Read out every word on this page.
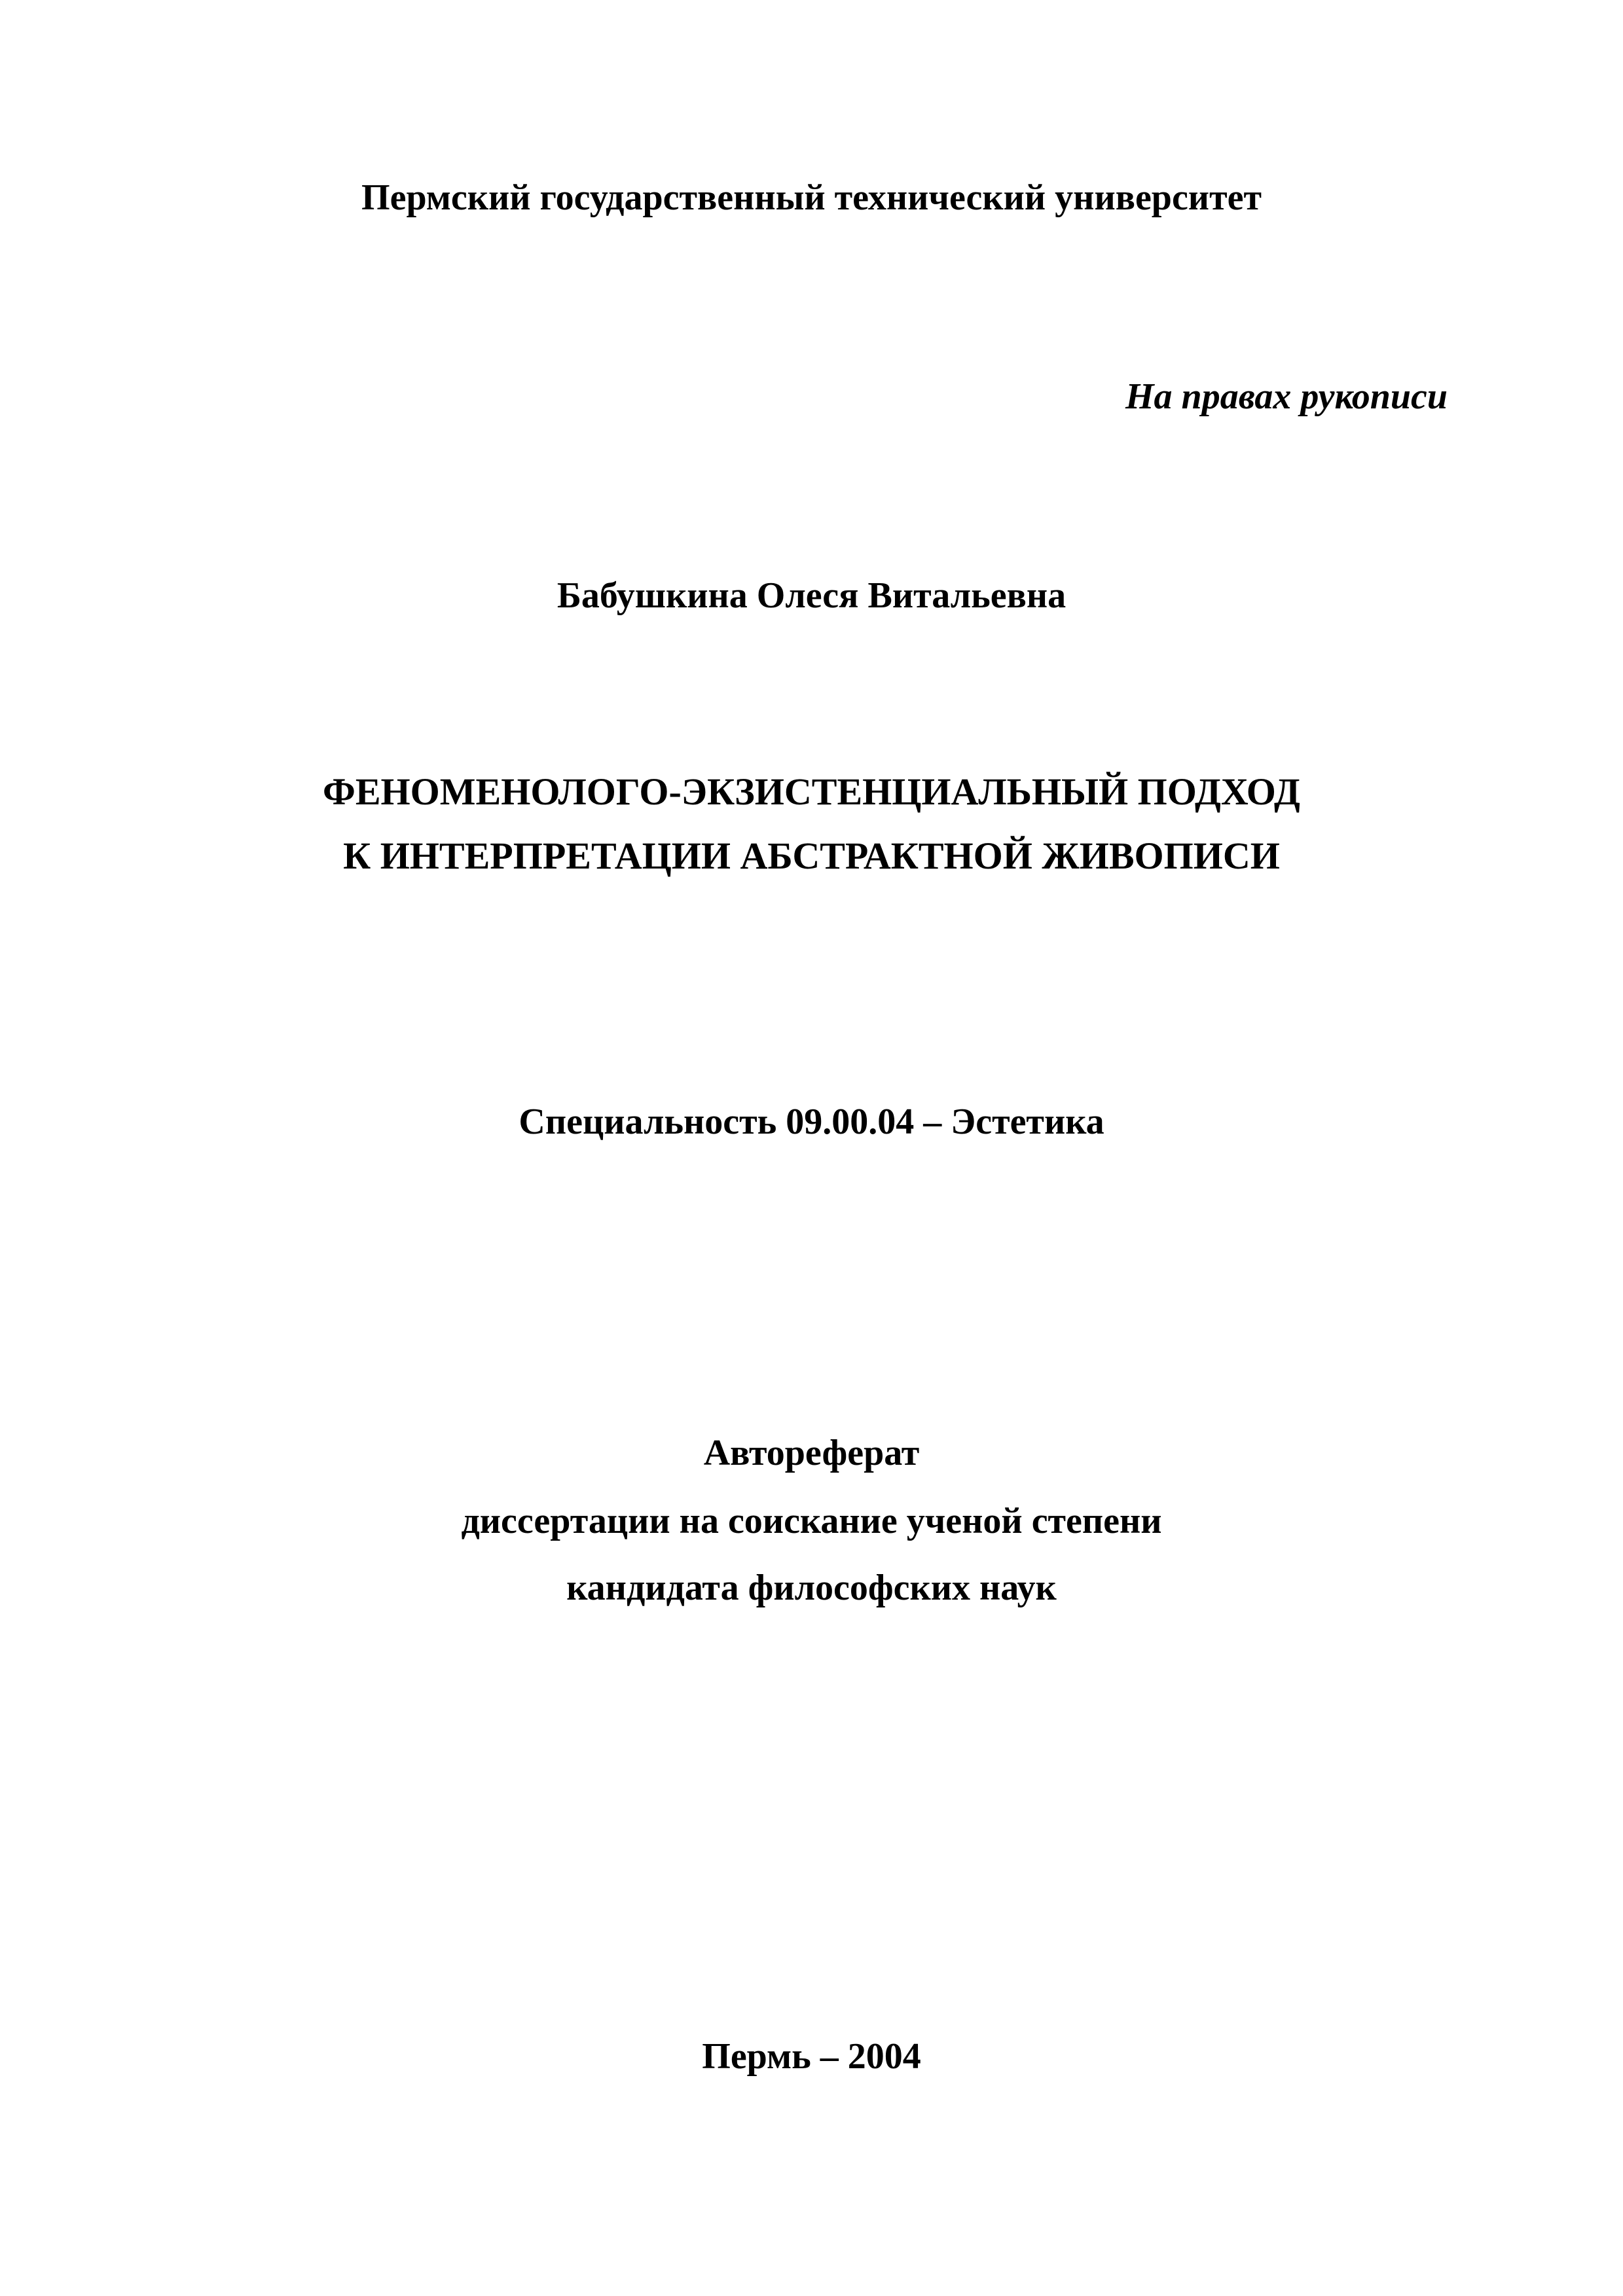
Пермский государственный технический университет
На правах рукописи
Бабушкина Олеся Витальевна
ФЕНОМЕНОЛОГО-ЭКЗИСТЕНЦИАЛЬНЫЙ ПОДХОД
К ИНТЕРПРЕТАЦИИ АБСТРАКТНОЙ ЖИВОПИСИ
Специальность 09.00.04 – Эстетика
Автореферат
диссертации на соискание ученой степени
кандидата философских наук
Пермь – 2004
